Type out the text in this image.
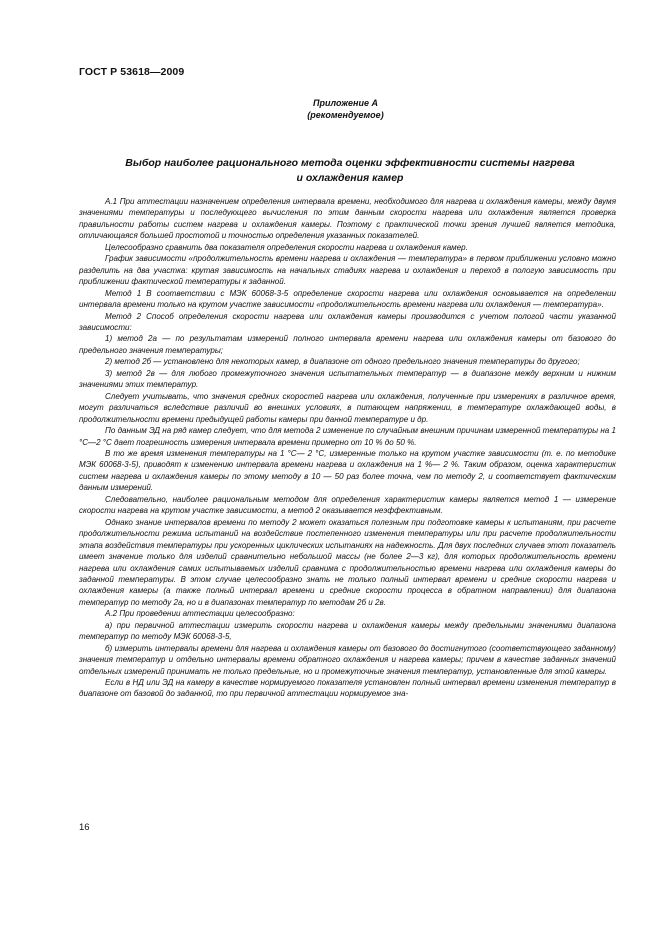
ГОСТ Р 53618—2009
Приложение А
(рекомендуемое)
Выбор наиболее рационального метода оценки эффективности системы нагрева
и охлаждения камер

А.1 При аттестации назначением определения интервала времени, необходимого для нагрева и охлаждения камеры, между двумя значениями температуры и последующего вычисления по этим данным скорости нагрева или охлаждения является проверка правильности работы систем нагрева и охлаждения камеры. Поэтому с практической точки зрения лучшей является методика, отличающаяся большей простотой и точностью определения указанных показателей.

Целесообразно сравнить два показателя определения скорости нагрева и охлаждения камер.

График зависимости «продолжительность времени нагрева и охлаждения — температура» в первом приближении условно можно разделить на два участка: крутая зависимость на начальных стадиях нагрева и охлаждения и переход в пологую зависимость при приближении фактической температуры к заданной.

Метод 1 В соответствии с МЭК 60068-3-5 определение скорости нагрева или охлаждения основывается на определении интервала времени только на крутом участке зависимости «продолжительность времени нагрева или охлаждения — температура».

Метод 2 Способ определения скорости нагрева или охлаждения камеры производится с учетом пологой части указанной зависимости:

1) метод 2а — по результатам измерений полного интервала времени нагрева или охлаждения камеры от базового до предельного значения температуры;

2) метод 2б — установлено для некоторых камер, в диапазоне от одного предельного значения температуры до другого;

3) метод 2в — для любого промежуточного значения испытательных температур — в диапазоне между верхним и нижним значениями этих температур.

Следует учитывать, что значения средних скоростей нагрева или охлаждения, полученные при измерениях в различное время, могут различаться вследствие различий во внешних условиях, в питающем напряжении, в температуре охлаждающей воды, в продолжительности времени предыдущей работы камеры при данной температуре и др.

По данным ЭД на ряд камер следует, что для метода 2 изменение по случайным внешним причинам измеренной температуры на 1 °С—2 °С дает погрешность измерения интервала времени примерно от 10 % до 50 %.

В то же время изменения температуры на 1 °С— 2 °С, измеренные только на крутом участке зависимости (т. е. по методике МЭК 60068-3-5), приводят к изменению интервала времени нагрева и охлаждения на 1 %— 2 %. Таким образом, оценка характеристик систем нагрева и охлаждения камеры по этому методу в 10 — 50 раз более точна, чем по методу 2, и соответствует фактическим данным измерений.

Следовательно, наиболее рациональным методом для определения характеристик камеры является метод 1 — измерение скорости нагрева на крутом участке зависимости, а метод 2 оказывается неэффективным.

Однако знание интервалов времени по методу 2 может оказаться полезным при подготовке камеры к испытаниям, при расчете продолжительности режима испытаний на воздействие постепенного изменения температуры или при расчете продолжительности этапа воздействия температуры при ускоренных циклических испытаниях на надежность. Для двух последних случаев этот показатель имеет значение только для изделий сравнительно небольшой массы (не более 2—3 кг), для которых продолжительность времени нагрева или охлаждения самих испытываемых изделий сравнима с продолжительностью времени нагрева или охлаждения камеры до заданной температуры. В этом случае целесообразно знать не только полный интервал времени и средние скорости нагрева и охлаждения камеры (а также полный интервал времени и средние скорости процесса в обратном направлении) для диапазона температур по методу 2а, но и в диапазонах температур по методам 2б и 2в.

А.2 При проведении аттестации целесообразно:

а) при первичной аттестации измерить скорости нагрева и охлаждения камеры между предельными значениями диапазона температур по методу МЭК 60068-3-5,

б) измерить интервалы времени для нагрева и охлаждения камеры от базового до достигнутого (соответствующего заданному) значения температур и отдельно интервалы времени обратного охлаждения и нагрева камеры; причем в качестве заданных значений отдельных измерений принимать не только предельные, но и промежуточные значения температур, установленные для этой камеры.

Если в НД или ЭД на камеру в качестве нормируемого показателя установлен полный интервал времени изменения температур в диапазоне от базовой до заданной, то при первичной аттестации нормируемое зна-

16
